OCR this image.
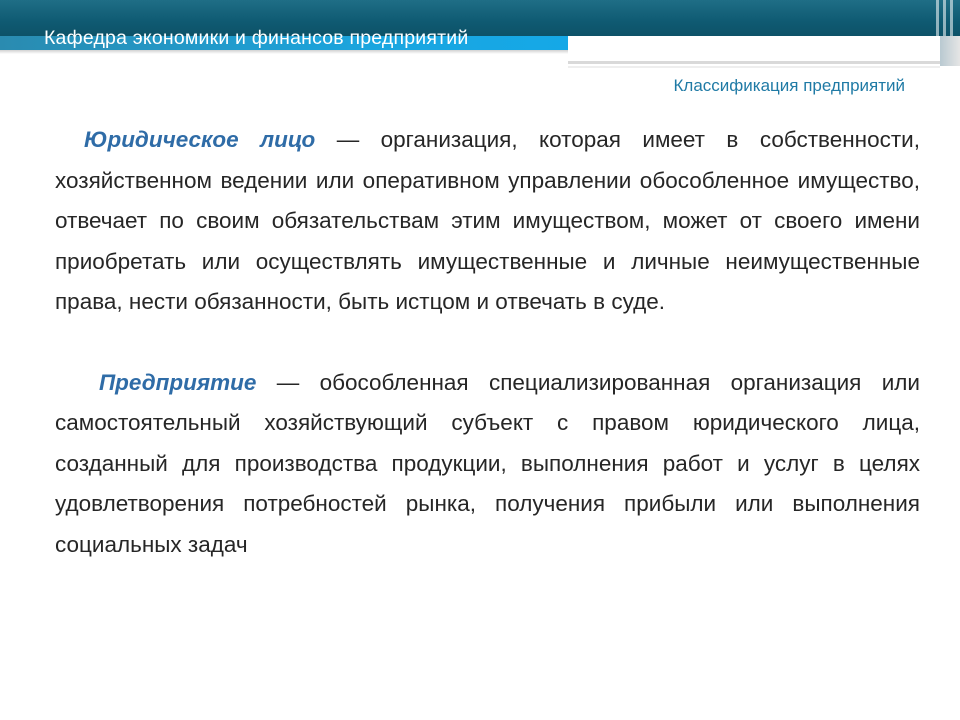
Кафедра экономики и финансов предприятий
Классификация предприятий

Юридическое лицо — организация, которая имеет в собственности, хозяйственном ведении или оперативном управлении обособленное имущество, отвечает по своим обязательствам этим имуществом, может от своего имени приобретать или осуществлять имущественные и личные неимущественные права, нести обязанности, быть истцом и отвечать в суде.

Предприятие — обособленная специализированная организация или самостоятельный хозяйствующий субъект с правом юридического лица, созданный для производства продукции, выполнения работ и услуг в целях удовлетворения потребностей рынка, получения прибыли или выполнения социальных задач
